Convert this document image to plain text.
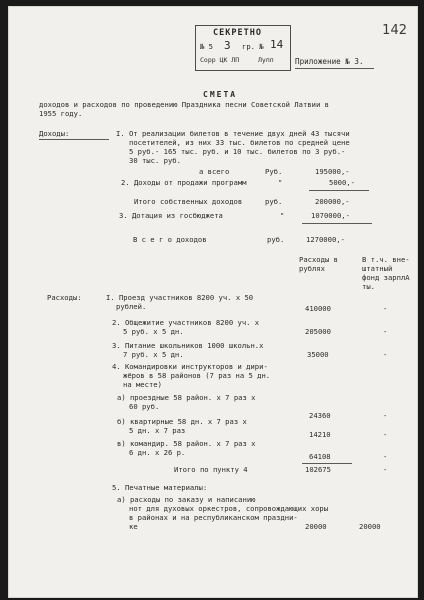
СЕКРЕТНО
№ 5 3 гр. № 14
Сорр ЦК ЛП	Лупп
142
Приложение № 3.
СМЕТА
доходов и расходов по проведению Праздника песни Советской Латвии в
1955 году.
Доходы:	I. От реализации билетов в течение двух дней 43 тысячи
посетителей, из них 33 тыс. билетов по средней цене
5 руб.- 165 тыс. руб. и 10 тыс. билетов по 3 руб.-
30 тыс. руб.
а всего	Руб.	195000,-
2. Доходы от продажи программ	"	5000,-
Итого собственных доходов	руб.	200000,-
3. Дотация из госбюджета	"	1070000,-
В с е г о доходов	руб.	1270000,-
Расходы в
рублях
В т.ч. вне-
штатный
фонд зарплА
ты.
Расходы:	I. Проезд участников 8200 уч. х 50
рублей.	410000	-
2. Общежитие участников 8200 уч. х
5 руб. х 5 дн.	205000	-
3. Питание школьников 1000 школьн.х
7 руб. х 5 дн.	35000	-
4. Командировки инструкторов и дири-
жёров в 58 районов (7 раз на 5 дн.
на месте)
а) проездные 58 район. х 7 раз х
60 руб.
24360	-
б) квартирные 58 дн. х 7 раз х
5 дн. х 7 раз	14210	-
в) командир. 58 район. х 7 раз х
6 дн. х 26 р.	64108	-
Итого по пункту 4	102675	-
5. Печатные материалы:
а) расходы по заказу и написанию
нот для духовых оркестров, сопровождающих хоры
в районах и на республиканском праздни-
ке	20000	20000
